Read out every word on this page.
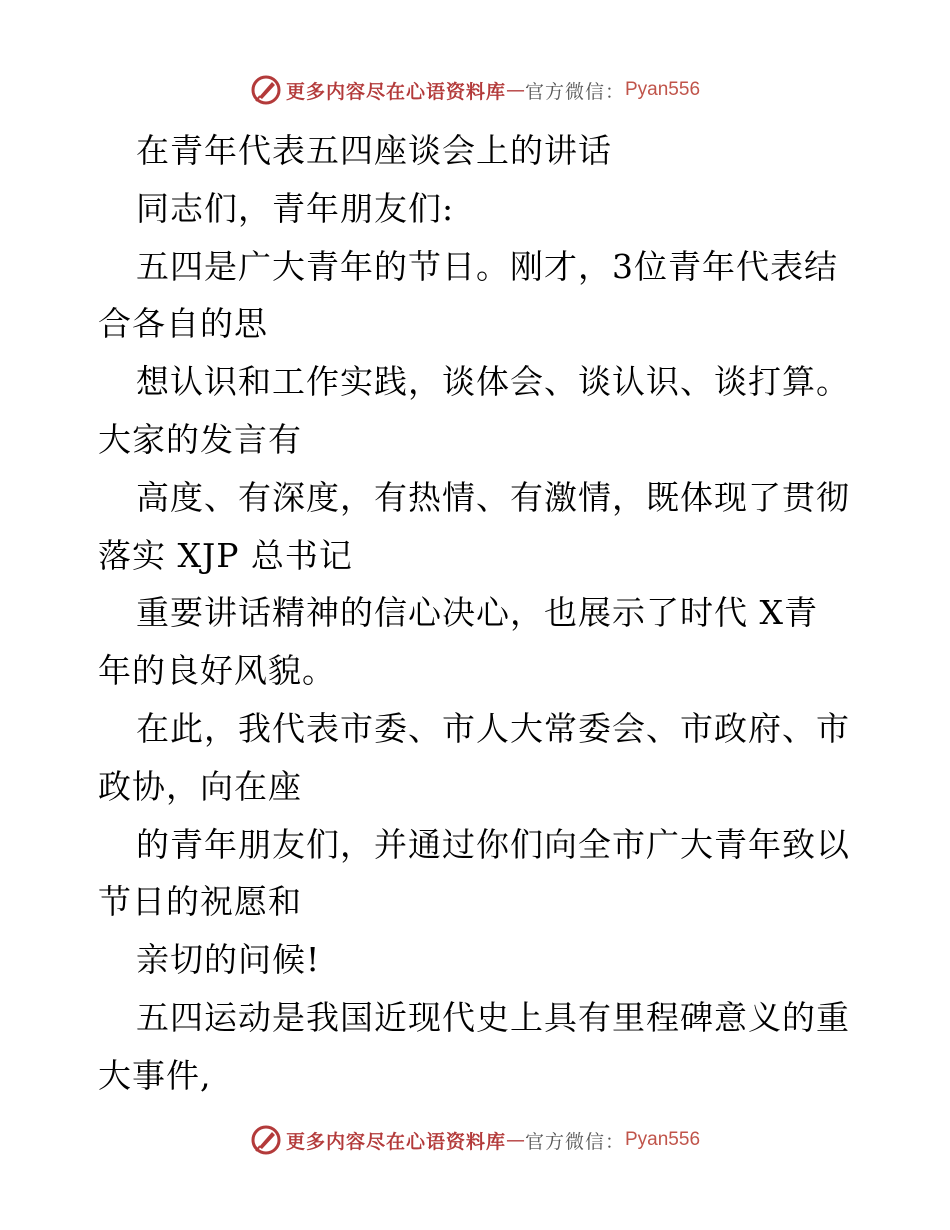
更多内容尽在心语资料库 — 官方微信： Pyan556
在青年代表五四座谈会上的讲话
同志们，青年朋友们:
五四是广大青年的节日。刚才，3位青年代表结
合各自的思
想认识和工作实践，谈体会、谈认识、谈打算。
大家的发言有
高度、有深度，有热情、有激情，既体现了贯彻
落实 XJP 总书记
重要讲话精神的信心决心，也展示了时代 X青
年的良好风貌。
在此，我代表市委、市人大常委会、市政府、市
政协，向在座
的青年朋友们，并通过你们向全市广大青年致以
节日的祝愿和
亲切的问候!
五四运动是我国近现代史上具有里程碑意义的重
大事件,
更多内容尽在心语资料库 — 官方微信： Pyan556
